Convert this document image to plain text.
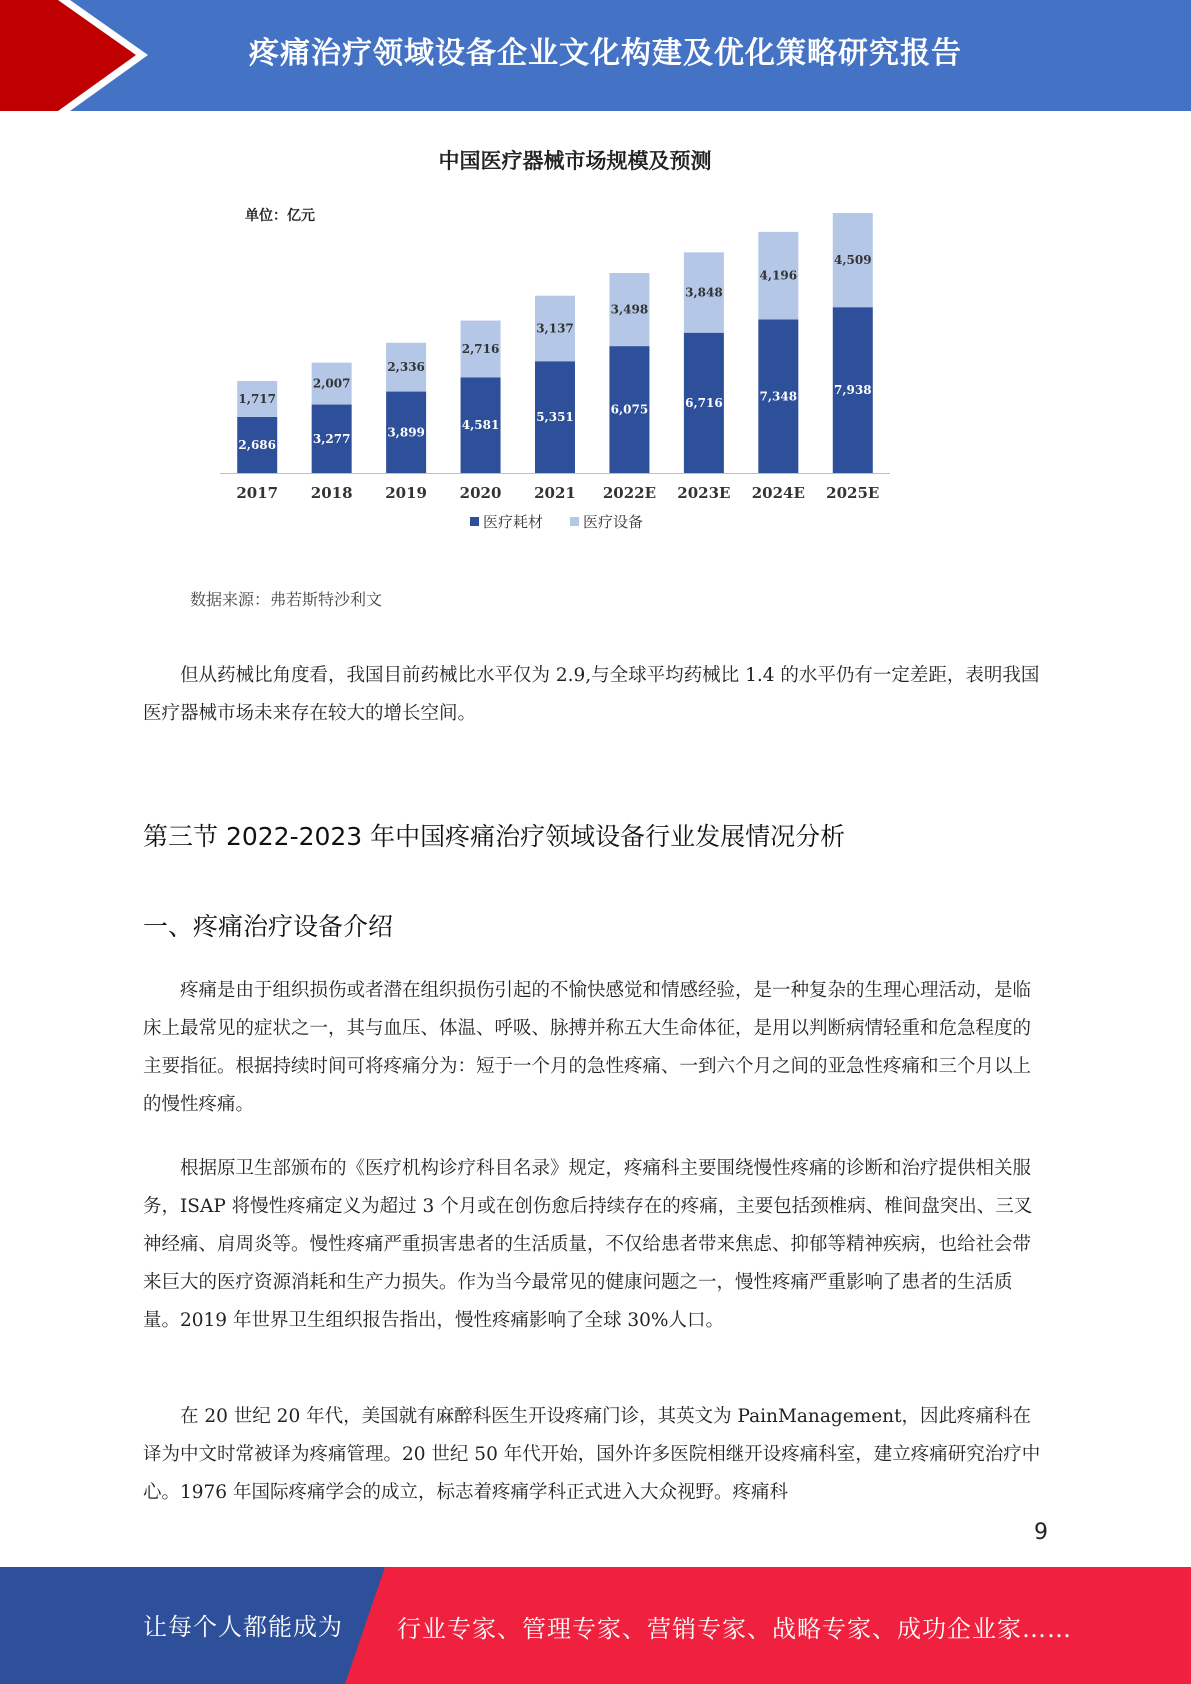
疼痛治疗领域设备企业文化构建及优化策略研究报告
中国医疗器械市场规模及预测
单位：亿元
2,686
1,717
2017
3,277
2,007
2018
3,899
2,336
2019
4,581
2,716
2020
5,351
3,137
2021
6,075
3,498
2022E
6,716
3,848
2023E
7,348
4,196
2024E
7,938
4,509
2025E
医疗耗材	医疗设备
数据来源：弗若斯特沙利文

但从药械比角度看，我国目前药械比水平仅为 2.9,与全球平均药械比 1.4 的水平仍有一定差距，表明我国医疗器械市场未来存在较大的增长空间。

第三节 2022-2023 年中国疼痛治疗领域设备行业发展情况分析
一、疼痛治疗设备介绍

疼痛是由于组织损伤或者潜在组织损伤引起的不愉快感觉和情感经验，是一种复杂的生理心理活动，是临床上最常见的症状之一，其与血压、体温、呼吸、脉搏并称五大生命体征，是用以判断病情轻重和危急程度的主要指征。根据持续时间可将疼痛分为：短于一个月的急性疼痛、一到六个月之间的亚急性疼痛和三个月以上的慢性疼痛。

根据原卫生部颁布的《医疗机构诊疗科目名录》规定，疼痛科主要围绕慢性疼痛的诊断和治疗提供相关服务，ISAP 将慢性疼痛定义为超过 3 个月或在创伤愈后持续存在的疼痛，主要包括颈椎病、椎间盘突出、三叉神经痛、肩周炎等。慢性疼痛严重损害患者的生活质量，不仅给患者带来焦虑、抑郁等精神疾病，也给社会带来巨大的医疗资源消耗和生产力损失。作为当今最常见的健康问题之一，慢性疼痛严重影响了患者的生活质量。2019 年世界卫生组织报告指出，慢性疼痛影响了全球 30%人口。

在 20 世纪 20 年代，美国就有麻醉科医生开设疼痛门诊，其英文为 PainManagement，因此疼痛科在译为中文时常被译为疼痛管理。20 世纪 50 年代开始，国外许多医院相继开设疼痛科室，建立疼痛研究治疗中心。1976 年国际疼痛学会的成立，标志着疼痛学科正式进入大众视野。疼痛科

9
让每个人都能成为 行业专家、管理专家、营销专家、战略专家、成功企业家……
